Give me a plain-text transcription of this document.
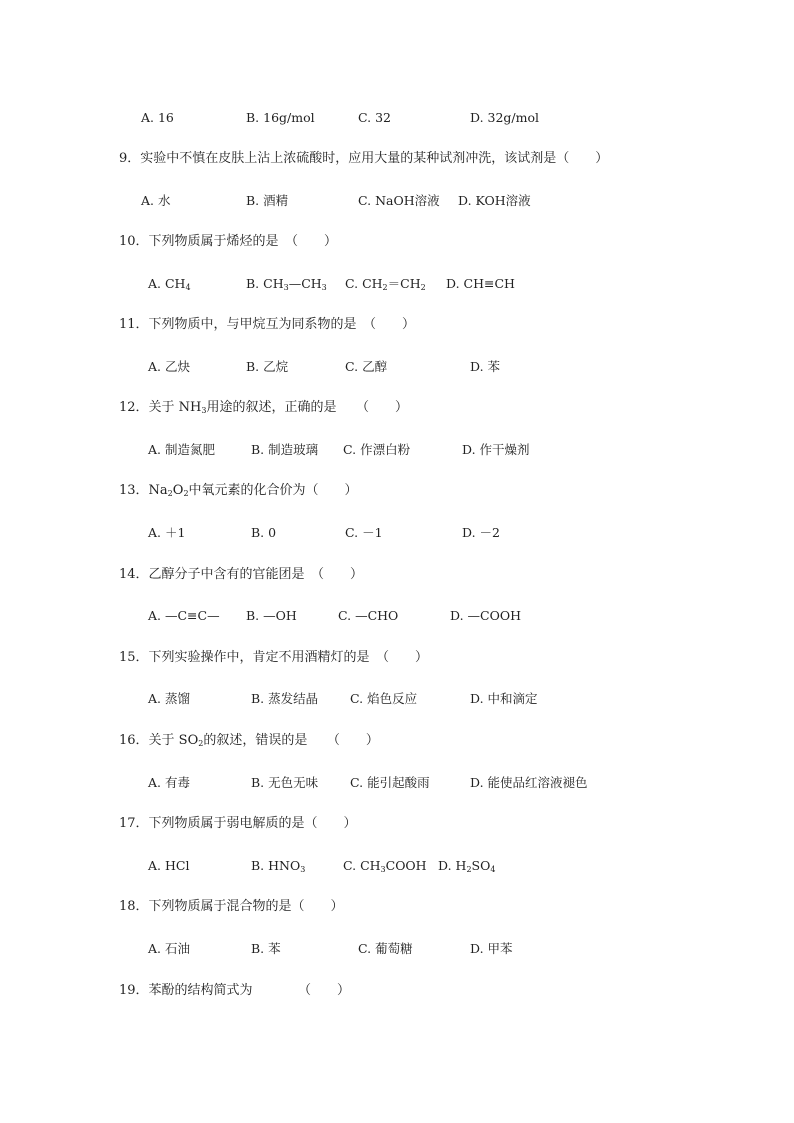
A. 16	B. 16g/mol	C. 32	D. 32g/mol
9．实验中不慎在皮肤上沾上浓硫酸时，应用大量的某种试剂冲洗，该试剂是（　　）
A. 水	B. 酒精	C. NaOH溶液 D. KOH溶液
10．下列物质属于烯烃的是　（　　）
A. $CH_4$	B. $CH_3—CH_3$ C. $CH_2=CH_2$ D. CH≡CH
11．下列物质中，与甲烷互为同系物的是　（　　）
A. 乙炔	B. 乙烷	C. 乙醇	D. 苯
12．关于 $NH_3$用途的叙述，正确的是　　（　　）
A. 制造氮肥	B. 制造玻璃 C. 作漂白粉	D. 作干燥剂
13．$Na_2O_2$中氧元素的化合价为（　　）
A. ＋1	B. 0	C. －1	D. －2
14．乙醇分子中含有的官能团是　（　　）
A. —C≡C— B. —OH	C. —CHO	D. —COOH
15．下列实验操作中，肯定不用酒精灯的是　（　　）
A. 蒸馏	B. 蒸发结晶	C. 焰色反应	D. 中和滴定
16．关于 $SO_2$的叙述，错误的是　　（　　）
A. 有毒	B. 无色无味	C. 能引起酸雨	D. 能使品红溶液褪色
17．下列物质属于弱电解质的是（　　）
A. HCl	B. $HNO_3$	C. $CH_3COOH$ D. $H_2SO_4$
18．下列物质属于混合物的是（　　）
A. 石油	B. 苯	C. 葡萄糖	D. 甲苯
19．苯酚的结构简式为　　　　（　　）
